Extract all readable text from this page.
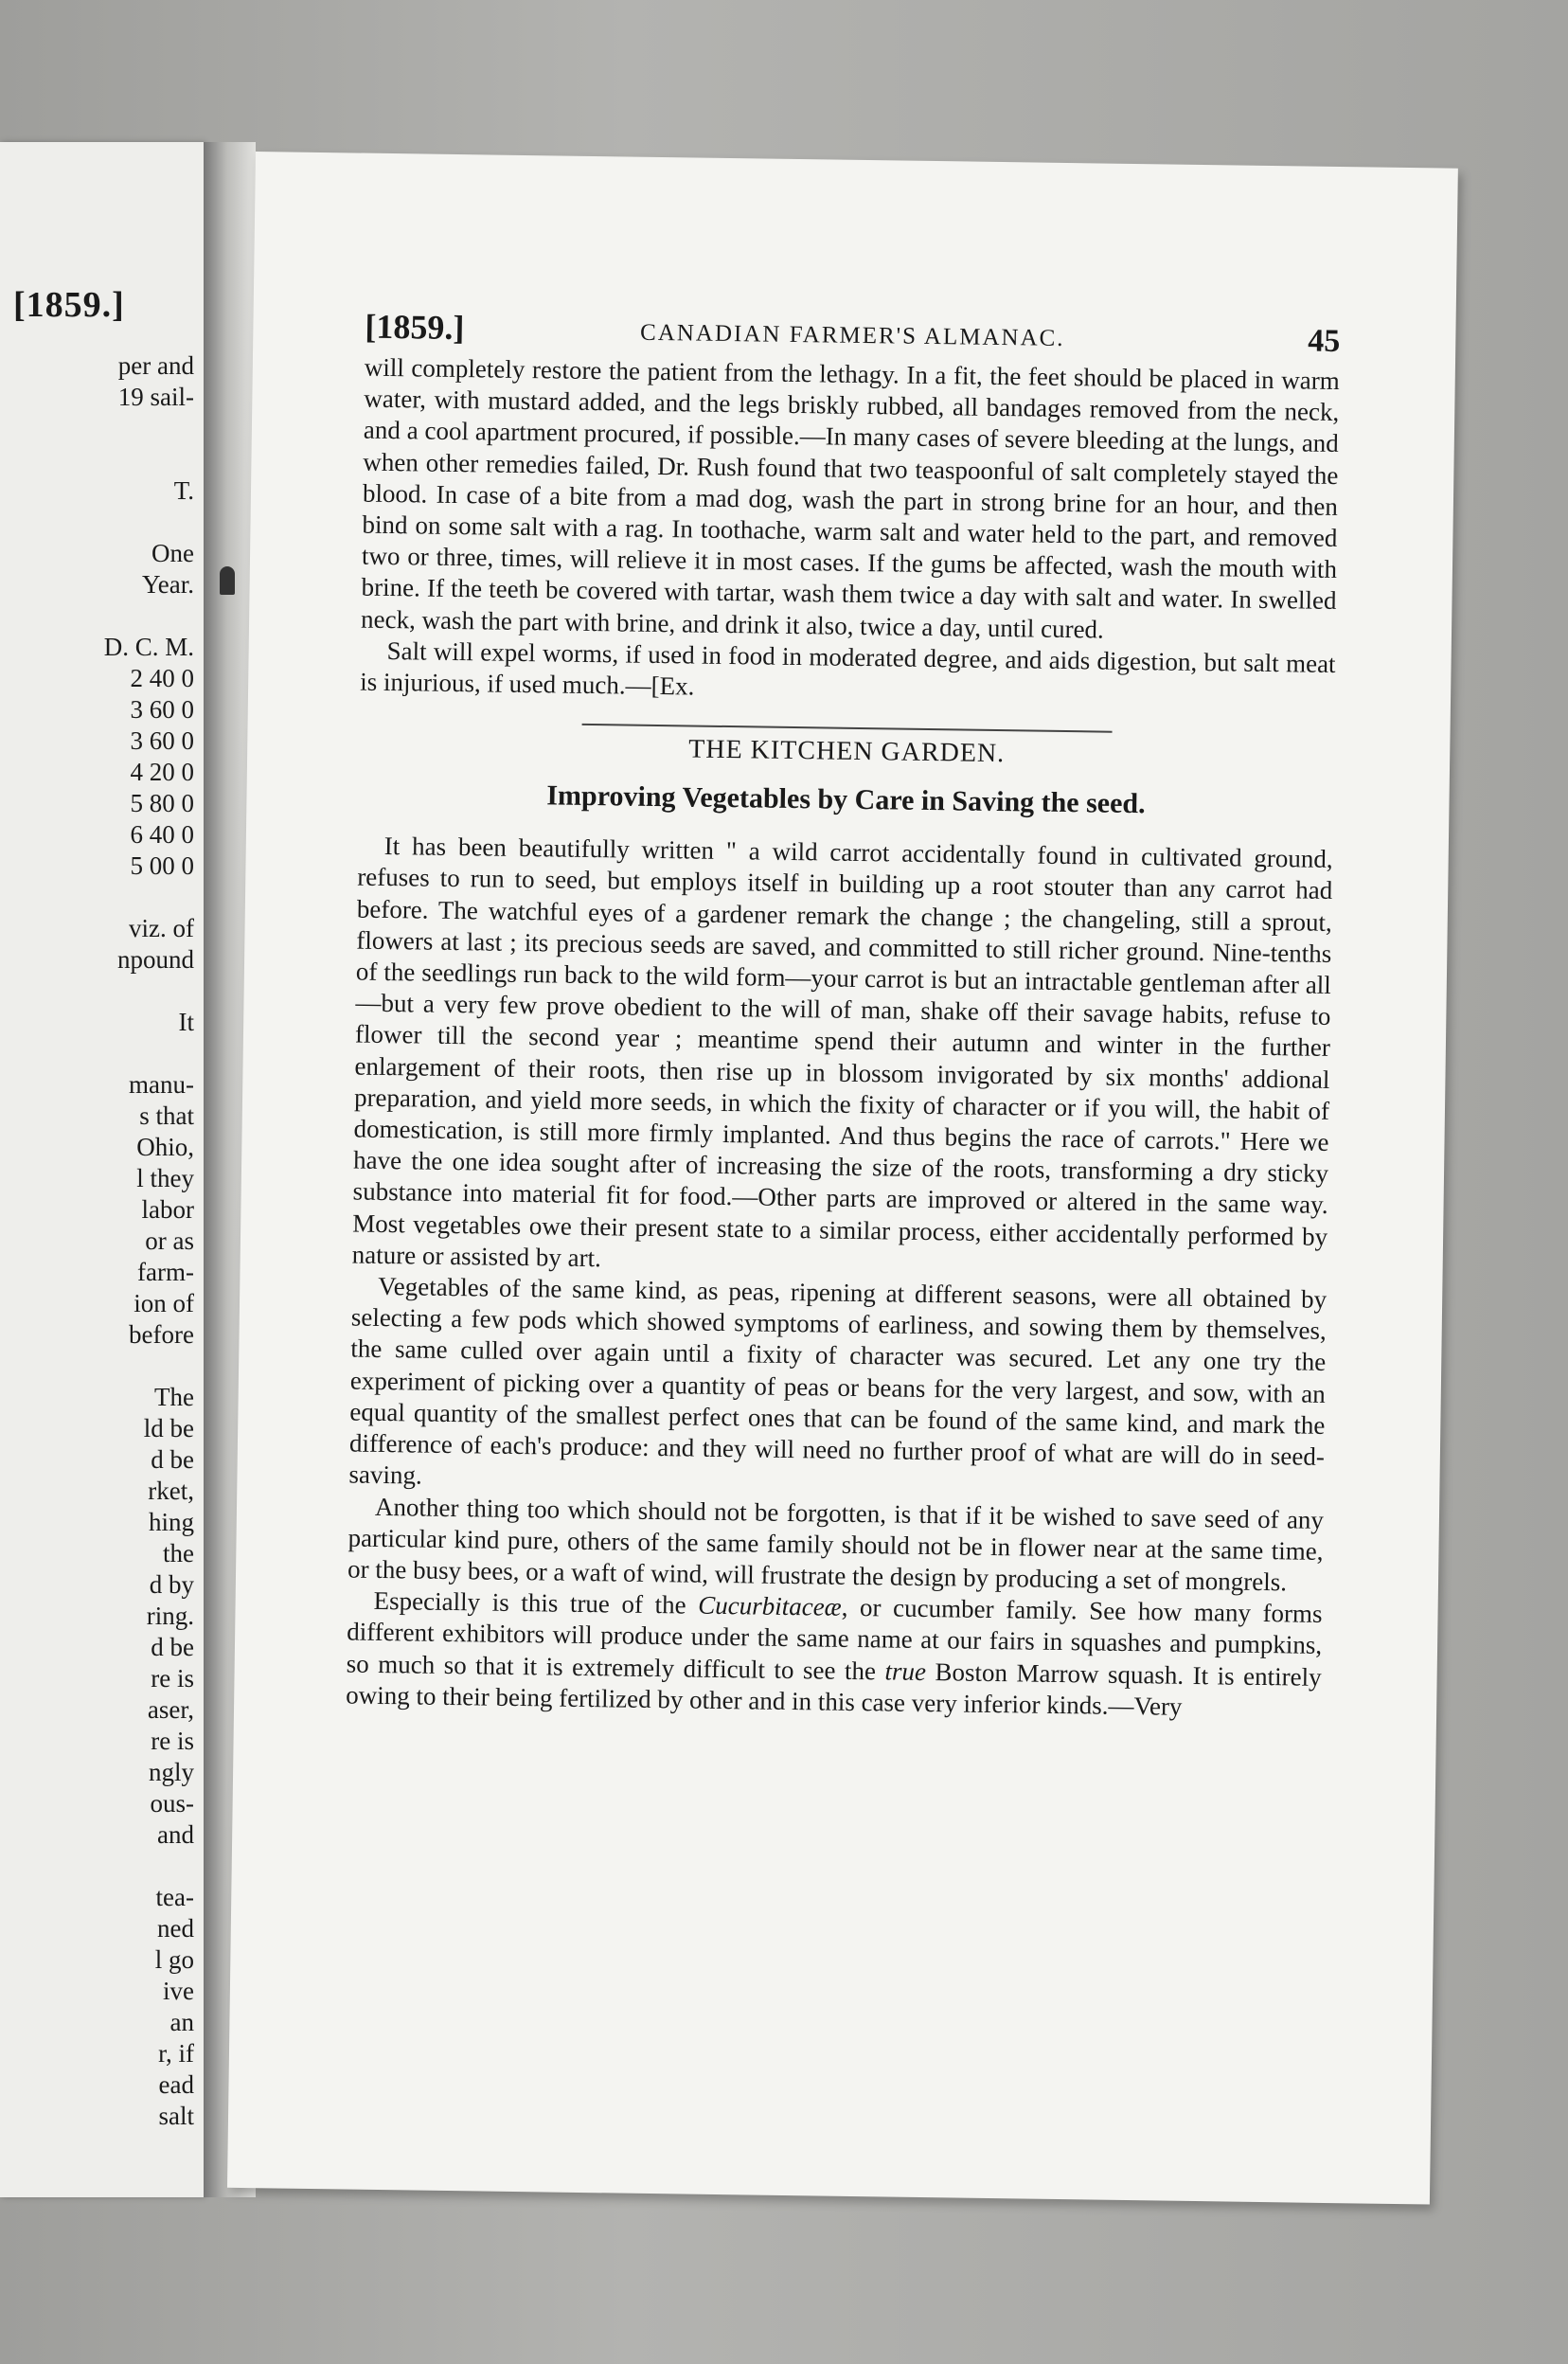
[1859.]
per and
19 sail-
T.
One
Year.
D. C. M.
2 40 0
3 60 0
3 60 0
4 20 0
5 80 0
6 40 0
5 00 0
viz. of
npound
It
manu-
s that
Ohio,
l they
labor
or as
farm-
ion of
before
The
ld be
d be
rket,
hing
the
d by
ring.
d be
re is
aser,
re is
ngly
ous-
and
tea-
ned
l go
ive
an
r, if
ead
salt
[1859.]	CANADIAN FARMER'S ALMANAC.	45

will completely restore the patient from the lethagy. In a fit, the feet should be placed in warm water, with mustard added, and the legs briskly rubbed, all bandages removed from the neck, and a cool apartment procured, if possible.—In many cases of severe bleeding at the lungs, and when other remedies failed, Dr. Rush found that two teaspoonful of salt completely stayed the blood. In case of a bite from a mad dog, wash the part in strong brine for an hour, and then bind on some salt with a rag. In toothache, warm salt and water held to the part, and removed two or three, times, will relieve it in most cases. If the gums be affected, wash the mouth with brine. If the teeth be covered with tartar, wash them twice a day with salt and water. In swelled neck, wash the part with brine, and drink it also, twice a day, until cured.

Salt will expel worms, if used in food in moderated degree, and aids digestion, but salt meat is injurious, if used much.—[Ex.

THE KITCHEN GARDEN.
Improving Vegetables by Care in Saving the seed.

It has been beautifully written " a wild carrot accidentally found in cultivated ground, refuses to run to seed, but employs itself in building up a root stouter than any carrot had before. The watchful eyes of a gardener remark the change ; the changeling, still a sprout, flowers at last ; its precious seeds are saved, and committed to still richer ground. Nine-tenths of the seedlings run back to the wild form—your carrot is but an intractable gentleman after all—but a very few prove obedient to the will of man, shake off their savage habits, refuse to flower till the second year ; meantime spend their autumn and winter in the further enlargement of their roots, then rise up in blossom invigorated by six months' addional preparation, and yield more seeds, in which the fixity of character or if you will, the habit of domestication, is still more firmly implanted. And thus begins the race of carrots." Here we have the one idea sought after of increasing the size of the roots, transforming a dry sticky substance into material fit for food.—Other parts are improved or altered in the same way. Most vegetables owe their present state to a similar process, either accidentally performed by nature or assisted by art.

Vegetables of the same kind, as peas, ripening at different seasons, were all obtained by selecting a few pods which showed symptoms of earliness, and sowing them by themselves, the same culled over again until a fixity of character was secured. Let any one try the experiment of picking over a quantity of peas or beans for the very largest, and sow, with an equal quantity of the smallest perfect ones that can be found of the same kind, and mark the difference of each's produce: and they will need no further proof of what are will do in seed-saving.

Another thing too which should not be forgotten, is that if it be wished to save seed of any particular kind pure, others of the same family should not be in flower near at the same time, or the busy bees, or a waft of wind, will frustrate the design by producing a set of mongrels.

Especially is this true of the Cucurbitaceæ, or cucumber family. See how many forms different exhibitors will produce under the same name at our fairs in squashes and pumpkins, so much so that it is extremely difficult to see the true Boston Marrow squash. It is entirely owing to their being fertilized by other and in this case very inferior kinds.—Very
